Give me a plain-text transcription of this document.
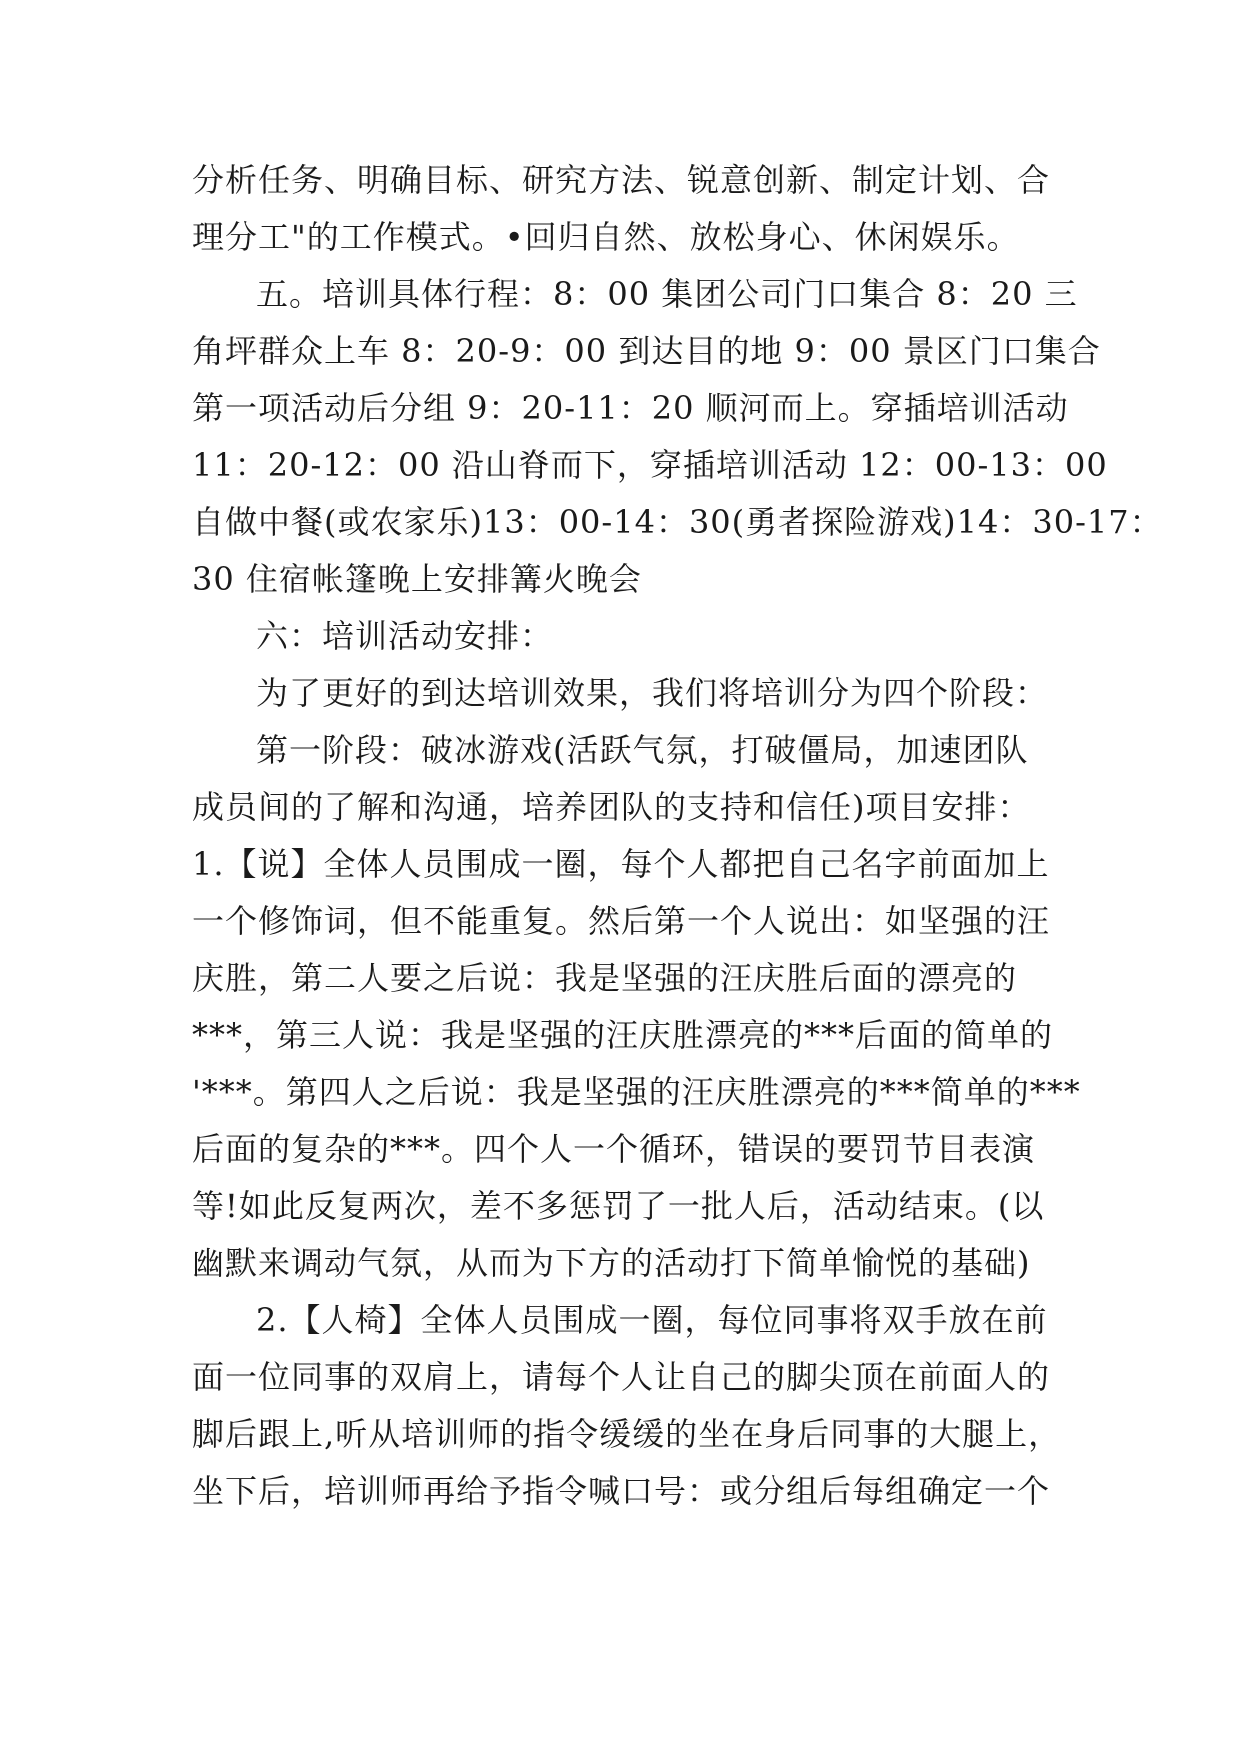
分析任务、明确目标、研究方法、锐意创新、制定计划、合
理分工"的工作模式。•回归自然、放松身心、休闲娱乐。
五。培训具体行程：8：00 集团公司门口集合 8：20 三
角坪群众上车 8：20-9：00 到达目的地 9：00 景区门口集合
第一项活动后分组 9：20-11：20 顺河而上。穿插培训活动
11：20-12：00 沿山脊而下，穿插培训活动 12：00-13：00
自做中餐(或农家乐)13：00-14：30(勇者探险游戏)14：30-17：
30 住宿帐篷晚上安排篝火晚会
六：培训活动安排：
为了更好的到达培训效果，我们将培训分为四个阶段：
第一阶段：破冰游戏(活跃气氛，打破僵局，加速团队
成员间的了解和沟通，培养团队的支持和信任)项目安排：
1.【说】全体人员围成一圈，每个人都把自己名字前面加上
一个修饰词，但不能重复。然后第一个人说出：如坚强的汪
庆胜，第二人要之后说：我是坚强的汪庆胜后面的漂亮的
***，第三人说：我是坚强的汪庆胜漂亮的***后面的简单的
'***。第四人之后说：我是坚强的汪庆胜漂亮的***简单的***
后面的复杂的***。四个人一个循环，错误的要罚节目表演
等!如此反复两次，差不多惩罚了一批人后，活动结束。(以
幽默来调动气氛，从而为下方的活动打下简单愉悦的基础)
2.【人椅】全体人员围成一圈，每位同事将双手放在前
面一位同事的双肩上，请每个人让自己的脚尖顶在前面人的
脚后跟上,听从培训师的指令缓缓的坐在身后同事的大腿上，
坐下后，培训师再给予指令喊口号：或分组后每组确定一个
